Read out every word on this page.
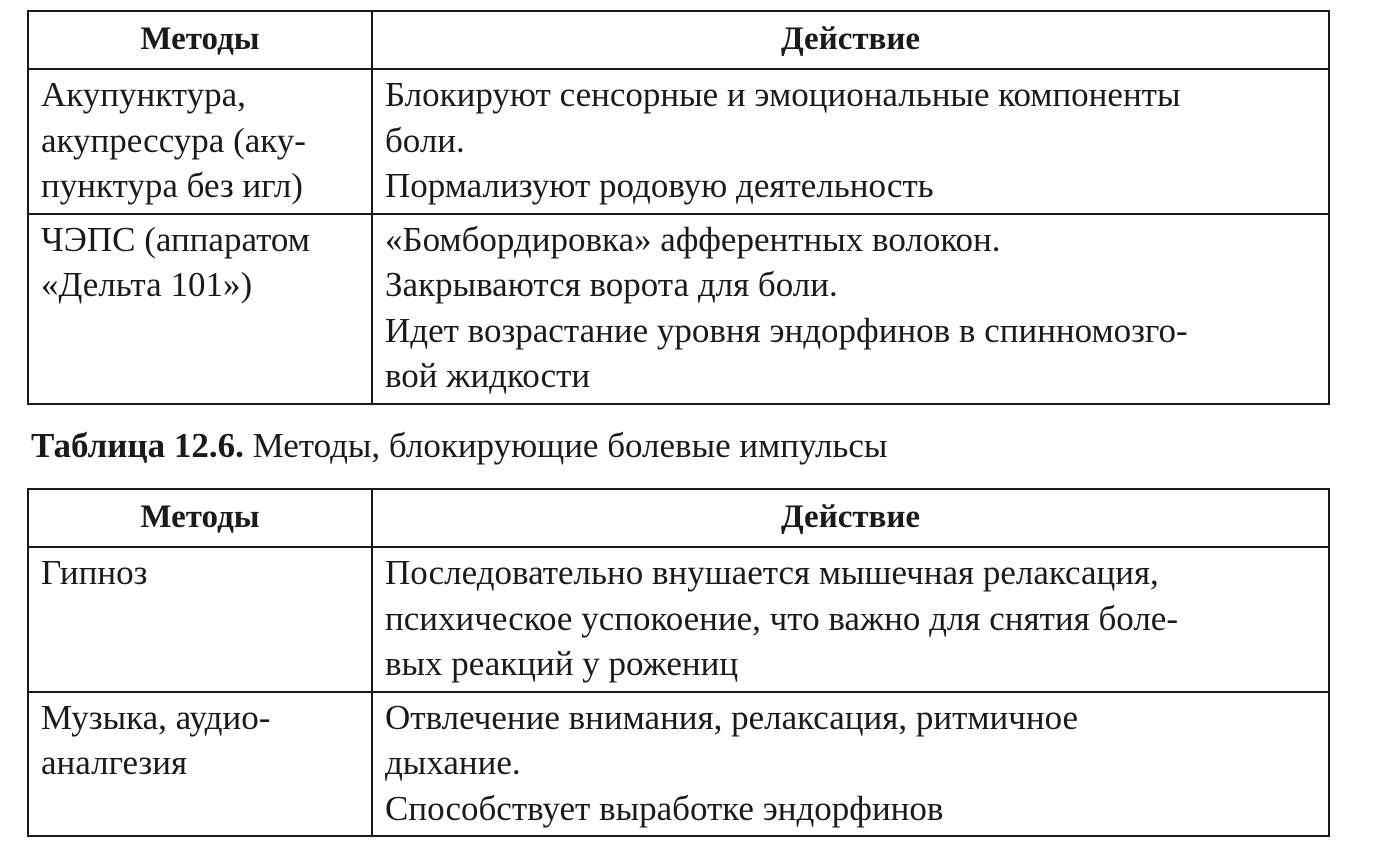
Методы	Действие

Акупунктура,
акупрессура (аку-
пунктура без игл)	Блокируют сенсорные и эмоциональные компоненты
боли.
Пормализуют родовую деятельность

ЧЭПС (аппаратом
«Дельта 101»)	«Бомбордировка» афферентных волокон.
Закрываются ворота для боли.
Идет возрастание уровня эндорфинов в спинномозго-
вой жидкости
Таблица 12.6. Методы, блокирующие болевые импульсы
Методы	Действие

Гипноз	Последовательно внушается мышечная релаксация,
психическое успокоение, что важно для снятия боле-
вых реакций у рожениц

Музыка, аудио-
аналгезия	Отвлечение внимания, релаксация, ритмичное
дыхание.
Способствует выработке эндорфинов
